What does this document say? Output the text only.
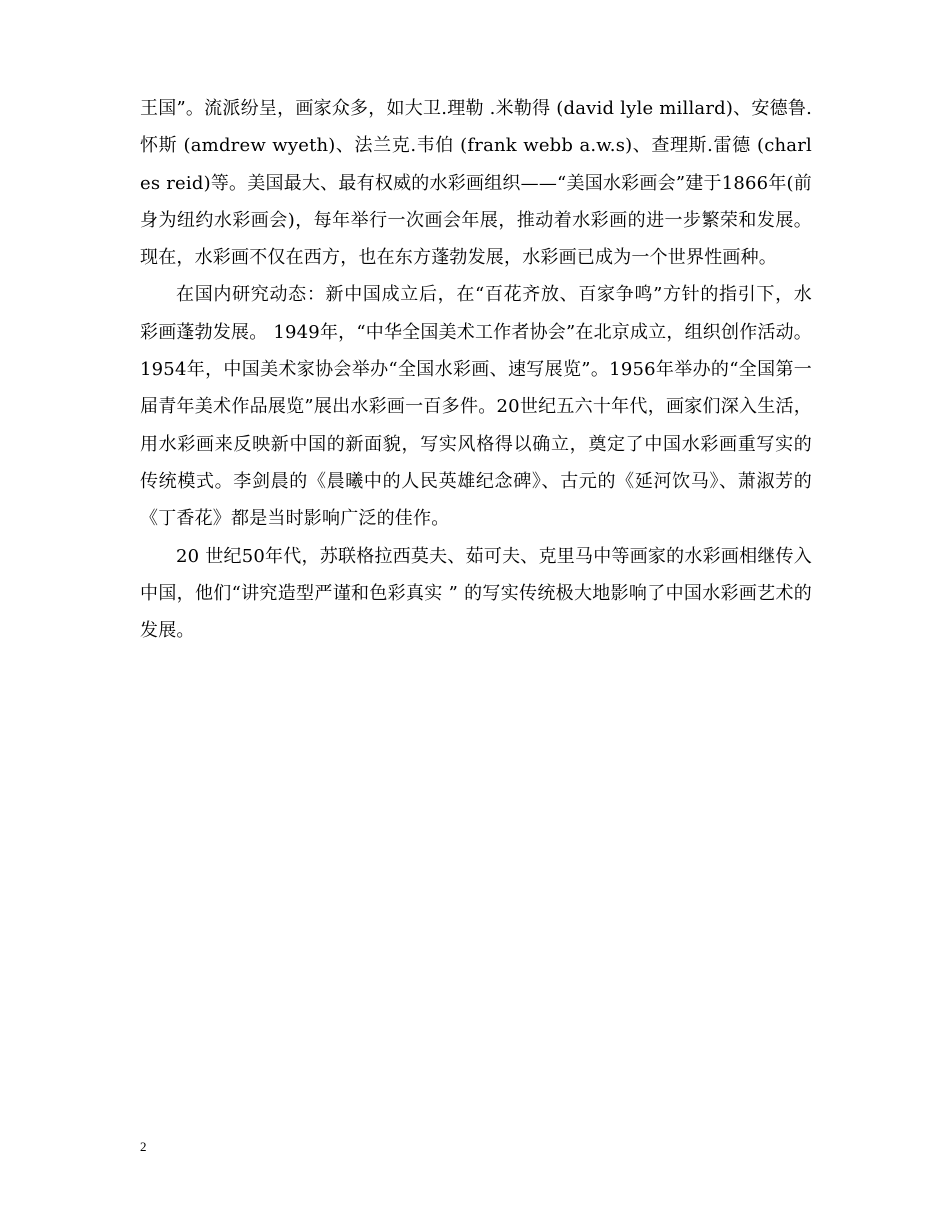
王国”。流派纷呈，画家众多，如大卫.理勒 .米勒得 (david lyle millard)、安德鲁.怀斯 (amdrew wyeth)、法兰克.韦伯 (frank webb a.w.s)、查理斯.雷德 (charles reid)等。美国最大、最有权威的水彩画组织——“美国水彩画会”建于1866年(前身为纽约水彩画会)，每年举行一次画会年展，推动着水彩画的进一步繁荣和发展。现在，水彩画不仅在西方，也在东方蓬勃发展，水彩画已成为一个世界性画种。

在国内研究动态：新中国成立后，在“百花齐放、百家争鸣”方针的指引下，水彩画蓬勃发展。 1949年，“中华全国美术工作者协会”在北京成立，组织创作活动。1954年，中国美术家协会举办“全国水彩画、速写展览”。1956年举办的“全国第一届青年美术作品展览”展出水彩画一百多件。20世纪五六十年代，画家们深入生活，用水彩画来反映新中国的新面貌，写实风格得以确立，奠定了中国水彩画重写实的传统模式。李剑晨的《晨曦中的人民英雄纪念碑》、古元的《延河饮马》、萧淑芳的《丁香花》都是当时影响广泛的佳作。

20 世纪50年代，苏联格拉西莫夫、茹可夫、克里马中等画家的水彩画相继传入中国，他们“讲究造型严谨和色彩真实 ” 的写实传统极大地影响了中国水彩画艺术的发展。

2
